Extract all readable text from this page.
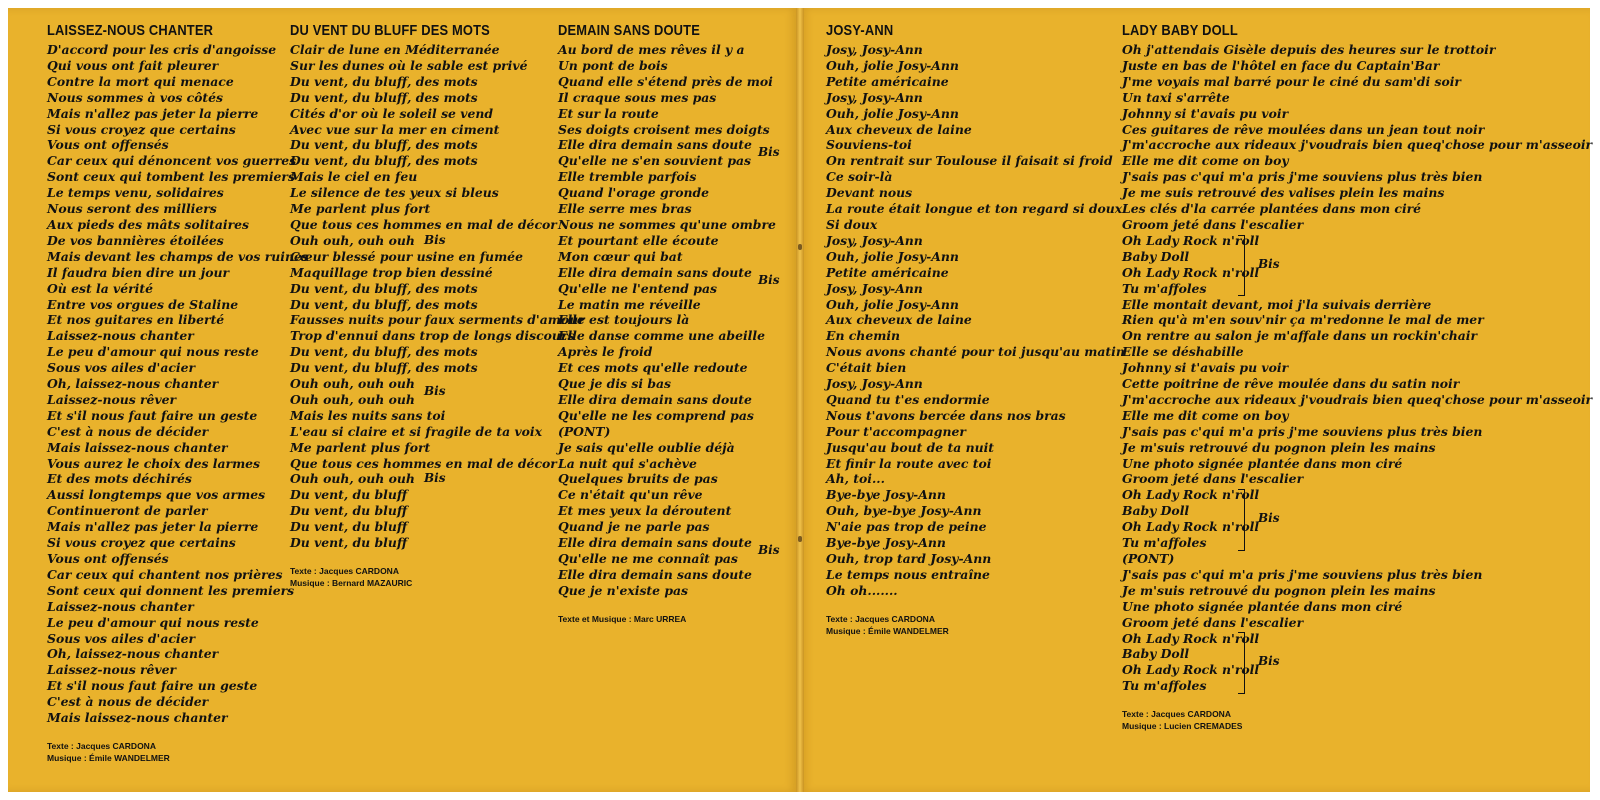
LAISSEZ-NOUS CHANTER
D'accord pour les cris d'angoisse
Qui vous ont fait pleurer
Contre la mort qui menace
Nous sommes à vos côtés
Mais n'allez pas jeter la pierre
Si vous croyez que certains
Vous ont offensés
Car ceux qui dénoncent vos guerres
Sont ceux qui tombent les premiers
Le temps venu, solidaires
Nous seront des milliers
Aux pieds des mâts solitaires
De vos bannières étoilées
Mais devant les champs de vos ruines
Il faudra bien dire un jour
Où est la vérité
Entre vos orgues de Staline
Et nos guitares en liberté
Laissez-nous chanter
Le peu d'amour qui nous reste
Sous vos ailes d'acier
Oh, laissez-nous chanter
Laissez-nous rêver
Et s'il nous faut faire un geste
C'est à nous de décider
Mais laissez-nous chanter
Vous aurez le choix des larmes
Et des mots déchirés
Aussi longtemps que vos armes
Continueront de parler
Mais n'allez pas jeter la pierre
Si vous croyez que certains
Vous ont offensés
Car ceux qui chantent nos prières
Sont ceux qui donnent les premiers
Laissez-nous chanter
Le peu d'amour qui nous reste
Sous vos ailes d'acier
Oh, laissez-nous chanter
Laissez-nous rêver
Et s'il nous faut faire un geste
C'est à nous de décider
Mais laissez-nous chanter
Texte : Jacques CARDONA
Musique : Émile WANDELMER
DU VENT DU BLUFF DES MOTS
Clair de lune en Méditerranée
Sur les dunes où le sable est privé
Du vent, du bluff, des mots
Du vent, du bluff, des mots
Cités d'or où le soleil se vend
Avec vue sur la mer en ciment
Du vent, du bluff, des mots
Du vent, du bluff, des mots
Mais le ciel en feu
Le silence de tes yeux si bleus
Me parlent plus fort
Que tous ces hommes en mal de décor
Ouh ouh, ouh ouh
Cœur blessé pour usine en fumée
Maquillage trop bien dessiné
Du vent, du bluff, des mots
Du vent, du bluff, des mots
Fausses nuits pour faux serments d'amour
Trop d'ennui dans trop de longs discours
Du vent, du bluff, des mots
Du vent, du bluff, des mots
Ouh ouh, ouh ouh
Ouh ouh, ouh ouh
Mais les nuits sans toi
L'eau si claire et si fragile de ta voix
Me parlent plus fort
Que tous ces hommes en mal de décor
Ouh ouh, ouh ouh
Du vent, du bluff
Du vent, du bluff
Du vent, du bluff
Du vent, du bluff
Texte : Jacques CARDONA
Musique : Bernard MAZAURIC
Bis
Bis
Bis
DEMAIN SANS DOUTE
Au bord de mes rêves il y a
Un pont de bois
Quand elle s'étend près de moi
Il craque sous mes pas
Et sur la route
Ses doigts croisent mes doigts
Elle dira demain sans doute
Qu'elle ne s'en souvient pas
Elle tremble parfois
Quand l'orage gronde
Elle serre mes bras
Nous ne sommes qu'une ombre
Et pourtant elle écoute
Mon cœur qui bat
Elle dira demain sans doute
Qu'elle ne l'entend pas
Le matin me réveille
Elle est toujours là
Elle danse comme une abeille
Après le froid
Et ces mots qu'elle redoute
Que je dis si bas
Elle dira demain sans doute
Qu'elle ne les comprend pas
(PONT)
Je sais qu'elle oublie déjà
La nuit qui s'achève
Quelques bruits de pas
Ce n'était qu'un rêve
Et mes yeux la déroutent
Quand je ne parle pas
Elle dira demain sans doute
Qu'elle ne me connaît pas
Elle dira demain sans doute
Que je n'existe pas
Texte et Musique : Marc URREA
Bis
Bis
Bis
JOSY-ANN
Josy, Josy-Ann
Ouh, jolie Josy-Ann
Petite américaine
Josy, Josy-Ann
Ouh, jolie Josy-Ann
Aux cheveux de laine
Souviens-toi
On rentrait sur Toulouse il faisait si froid
Ce soir-là
Devant nous
La route était longue et ton regard si doux
Si doux
Josy, Josy-Ann
Ouh, jolie Josy-Ann
Petite américaine
Josy, Josy-Ann
Ouh, jolie Josy-Ann
Aux cheveux de laine
En chemin
Nous avons chanté pour toi jusqu'au matin
C'était bien
Josy, Josy-Ann
Quand tu t'es endormie
Nous t'avons bercée dans nos bras
Pour t'accompagner
Jusqu'au bout de ta nuit
Et finir la route avec toi
Ah, toi...
Bye-bye Josy-Ann
Ouh, bye-bye Josy-Ann
N'aie pas trop de peine
Bye-bye Josy-Ann
Ouh, trop tard Josy-Ann
Le temps nous entraîne
Oh oh.......
Texte : Jacques CARDONA
Musique : Émile WANDELMER
LADY BABY DOLL
Oh j'attendais Gisèle depuis des heures sur le trottoir
Juste en bas de l'hôtel en face du Captain'Bar
J'me voyais mal barré pour le ciné du sam'di soir
Un taxi s'arrête
Johnny si t'avais pu voir
Ces guitares de rêve moulées dans un jean tout noir
J'm'accroche aux rideaux j'voudrais bien queq'chose pour m'asseoir
Elle me dit come on boy
J'sais pas c'qui m'a pris j'me souviens plus très bien
Je me suis retrouvé des valises plein les mains
Les clés d'la carrée plantées dans mon ciré
Groom jeté dans l'escalier
Oh Lady Rock n'roll
Baby Doll
Oh Lady Rock n'roll
Tu m'affoles
Elle montait devant, moi j'la suivais derrière
Rien qu'à m'en souv'nir ça m'redonne le mal de mer
On rentre au salon je m'affale dans un rockin'chair
Elle se déshabille
Johnny si t'avais pu voir
Cette poitrine de rêve moulée dans du satin noir
J'm'accroche aux rideaux j'voudrais bien queq'chose pour m'asseoir
Elle me dit come on boy
J'sais pas c'qui m'a pris j'me souviens plus très bien
Je m'suis retrouvé du pognon plein les mains
Une photo signée plantée dans mon ciré
Groom jeté dans l'escalier
Oh Lady Rock n'roll
Baby Doll
Oh Lady Rock n'roll
Tu m'affoles
(PONT)
J'sais pas c'qui m'a pris j'me souviens plus très bien
Je m'suis retrouvé du pognon plein les mains
Une photo signée plantée dans mon ciré
Groom jeté dans l'escalier
Oh Lady Rock n'roll
Baby Doll
Oh Lady Rock n'roll
Tu m'affoles
Texte : Jacques CARDONA
Musique : Lucien CREMADES
Bis
Bis
Bis
